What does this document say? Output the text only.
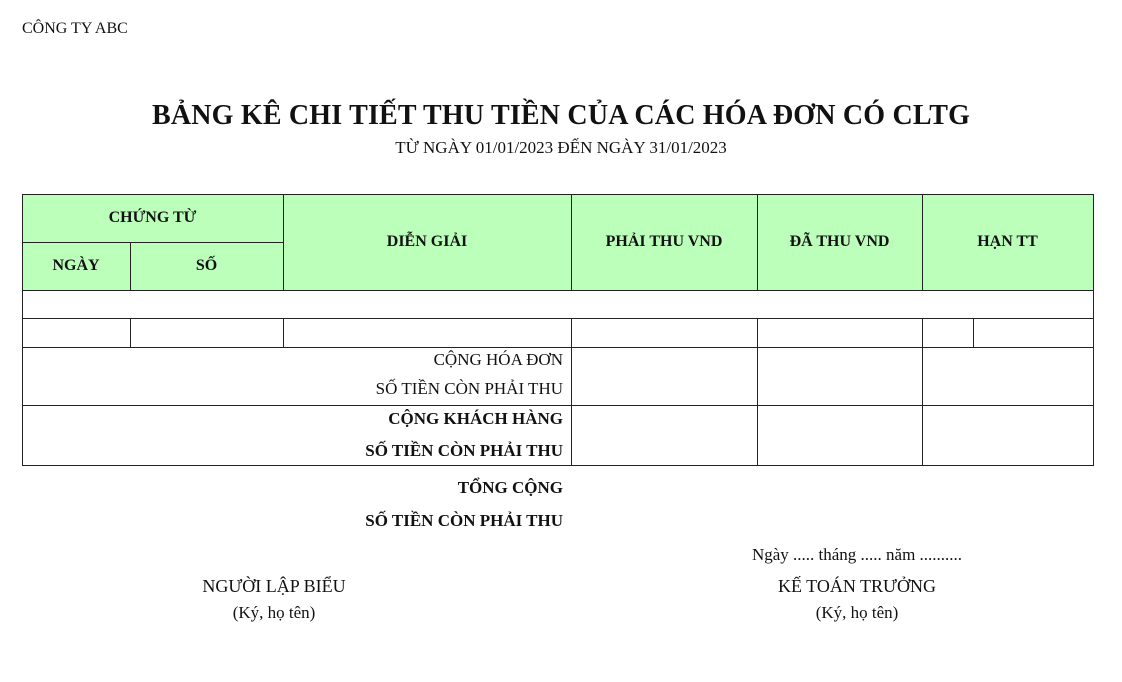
CÔNG TY ABC
BẢNG KÊ CHI TIẾT THU TIỀN CỦA CÁC HÓA ĐƠN CÓ CLTG
TỪ NGÀY 01/01/2023 ĐẾN NGÀY 31/01/2023
CHỨNG TỪ
NGÀY	SỐ
DIỄN GIẢI	PHẢI THU VND	ĐÃ THU VND	HẠN TT
CỘNG HÓA ĐƠN
SỐ TIỀN CÒN PHẢI THU
CỘNG KHÁCH HÀNG
SỐ TIỀN CÒN PHẢI THU
TỔNG CỘNG
SỐ TIỀN CÒN PHẢI THU
Ngày ..... tháng ..... năm ..........
NGƯỜI LẬP BIỂU
(Ký, họ tên)
KẾ TOÁN TRƯỞNG
(Ký, họ tên)
